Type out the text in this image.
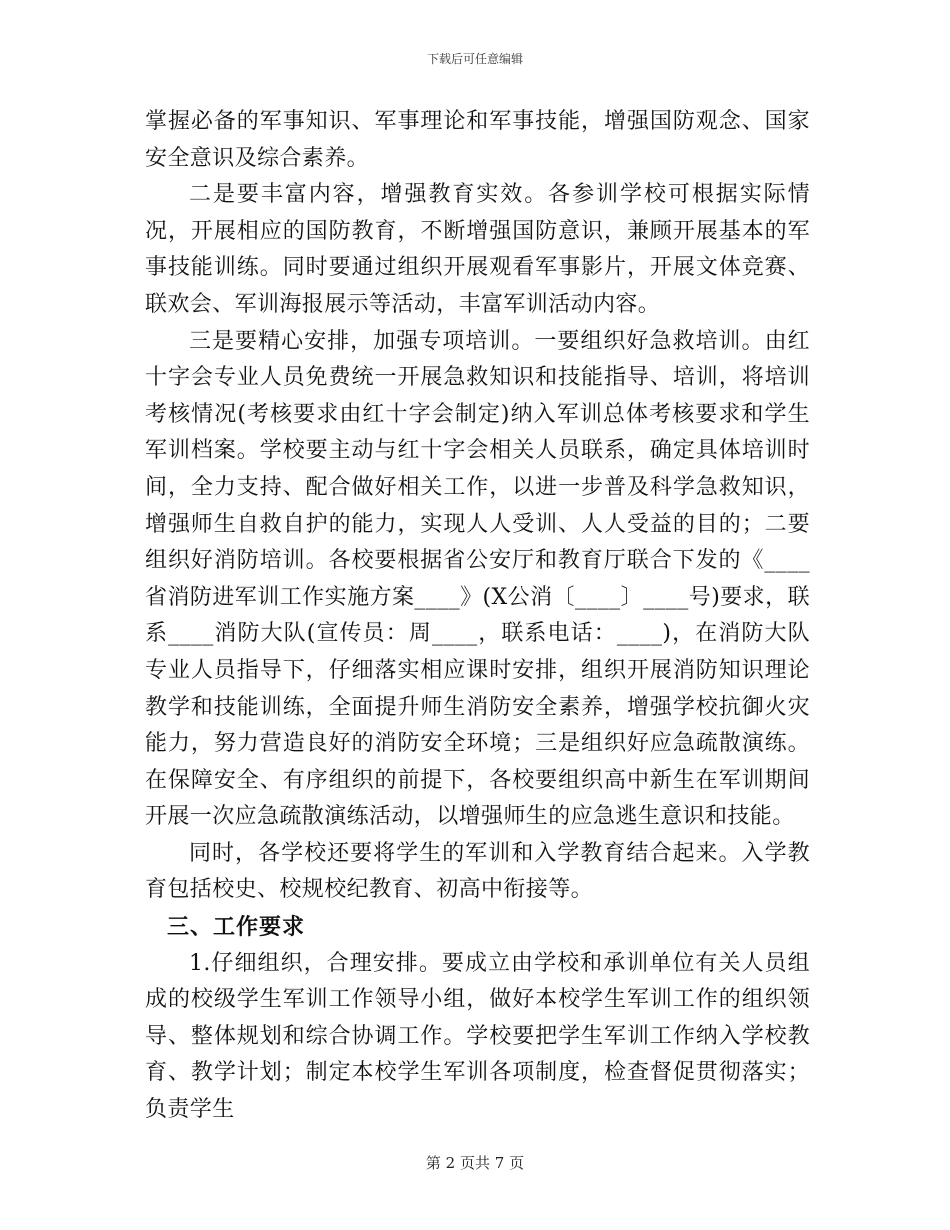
下载后可任意编辑

掌握必备的军事知识、军事理论和军事技能，增强国防观念、国家安全意识及综合素养。

二是要丰富内容，增强教育实效。各参训学校可根据实际情况，开展相应的国防教育，不断增强国防意识，兼顾开展基本的军事技能训练。同时要通过组织开展观看军事影片，开展文体竞赛、联欢会、军训海报展示等活动，丰富军训活动内容。

三是要精心安排，加强专项培训。一要组织好急救培训。由红十字会专业人员免费统一开展急救知识和技能指导、培训，将培训考核情况(考核要求由红十字会制定)纳入军训总体考核要求和学生军训档案。学校要主动与红十字会相关人员联系，确定具体培训时间，全力支持、配合做好相关工作，以进一步普及科学急救知识，增强师生自救自护的能力，实现人人受训、人人受益的目的；二要组织好消防培训。各校要根据省公安厅和教育厅联合下发的《____省消防进军训工作实施方案____》(X公消〔____〕____号)要求，联系____消防大队(宣传员：周____，联系电话：____)，在消防大队专业人员指导下，仔细落实相应课时安排，组织开展消防知识理论教学和技能训练，全面提升师生消防安全素养，增强学校抗御火灾能力，努力营造良好的消防安全环境；三是组织好应急疏散演练。在保障安全、有序组织的前提下，各校要组织高中新生在军训期间开展一次应急疏散演练活动，以增强师生的应急逃生意识和技能。

同时，各学校还要将学生的军训和入学教育结合起来。入学教育包括校史、校规校纪教育、初高中衔接等。

三、工作要求

1.仔细组织，合理安排。要成立由学校和承训单位有关人员组成的校级学生军训工作领导小组，做好本校学生军训工作的组织领导、整体规划和综合协调工作。学校要把学生军训工作纳入学校教育、教学计划；制定本校学生军训各项制度，检查督促贯彻落实；负责学生

第 2 页共 7 页
